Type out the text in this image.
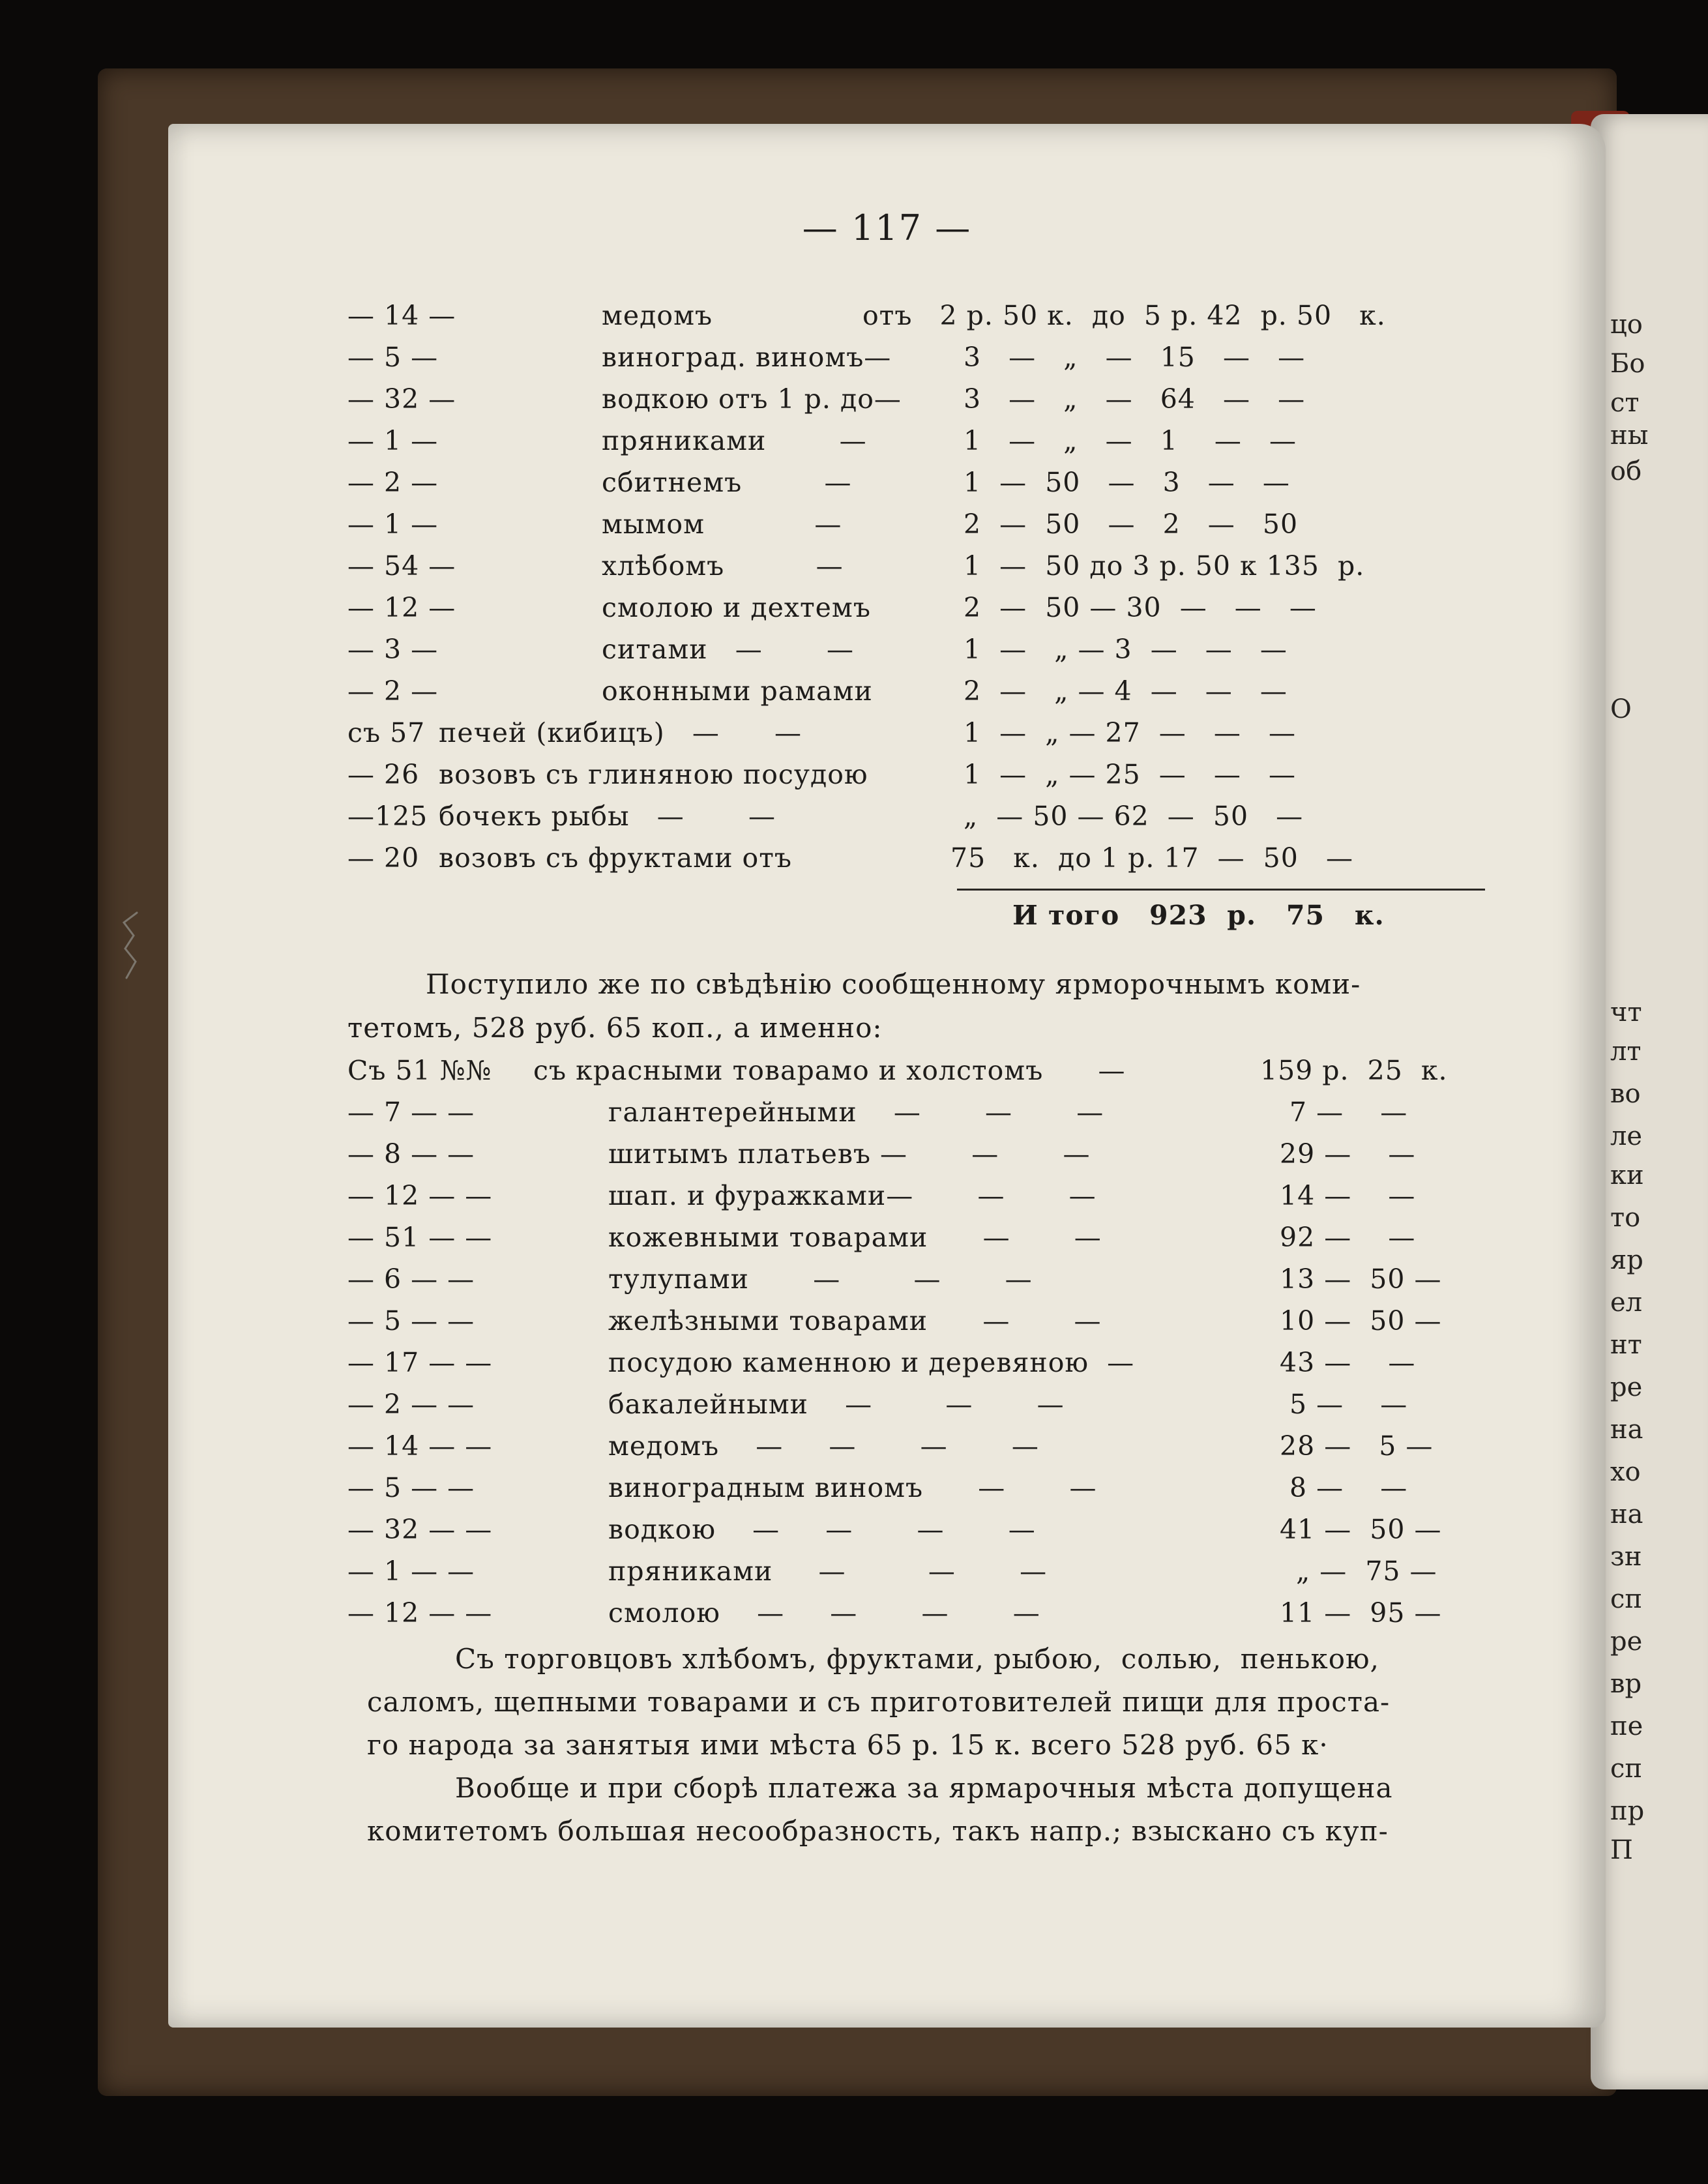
цо
Бо
ст
ны
об
О
чт
лт
во
ле
ки
то
яр
ел
нт
ре
на
хо
на
зн
сп
ре
вр
пе
сп
пр
П
— 117 —
— 14 —	медомъ	отъ   2 р. 50 к.  до  5 р. 42  р. 50   к.
— 5 —	виноград. виномъ—	3   —   „   —   15   —   —
— 32 —	водкою отъ 1 р. до— 3   —   „   —   64   —   —
— 1 —	пряниками        —	1   —   „   —   1    —   —
— 2 —	сбитнемъ         —	1  —  50   —   3   —   —
— 1 —	мымом            —	2  —  50   —   2   —   50
— 54 —	хлѣбомъ          —	1  —  50 до 3 р. 50 к 135  р.
— 12 —	смолою и дехтемъ	2  —  50 — 30  —   —   —
— 3 —	ситами   —       —	1  —   „ — 3  —   —   —
— 2 —	оконными рамами	2  —   „ — 4  —   —   —
съ 57 печей (кибицъ)   —      —	1  —  „ — 27  —   —   —
— 26 возовъ съ глиняною посудою	1  —  „ — 25  —   —   —
—125 бочекъ рыбы   —       —	„  — 50 — 62  —  50   —
— 20 возовъ съ фруктами отъ	75   к.  до 1 р. 17  —  50   —
И того   923  р.   75   к.
Поступило же по свѣдѣнію сообщенному ярморочнымъ коми-
тетомъ, 528 руб. 65 коп., а именно:
Съ 51 №№ съ красными товарамо и холстомъ      —	159 р.  25  к.
— 7 — —	галантерейными    —       —       —	7 —    —
— 8 — —	шитымъ платьевъ —       —       —	29 —    —
— 12 — —	шап. и фуражками—       —       —	14 —    —
— 51 — —	кожевными товарами      —       —	92 —    —
— 6 — —	тулупами       —        —       —	13 —  50 —
— 5 — —	желѣзными товарами      —       —	10 —  50 —
— 17 — —	посудою каменною и деревяною  —	43 —    —
— 2 — —	бакалейными    —        —       —	5 —    —
— 14 — —	медомъ    —     —       —       —	28 —   5 —
— 5 — —	виноградным виномъ      —       —	8 —    —
— 32 — —	водкою    —     —       —       —	41 —  50 —
— 1 — —	пряниками     —         —       —	„ —  75 —
— 12 — —	смолою    —     —       —       —	11 —  95 —
Съ торговцовъ хлѣбомъ, фруктами, рыбою,  солью,  пенькою,
саломъ, щепными товарами и съ приготовителей пищи для проста-
го народа за занятыя ими мѣста 65 р. 15 к. всего 528 руб. 65 к·
Вообще и при сборѣ платежа за ярмарочныя мѣста допущена
комитетомъ большая несообразность, такъ напр.; взыскано съ куп-
